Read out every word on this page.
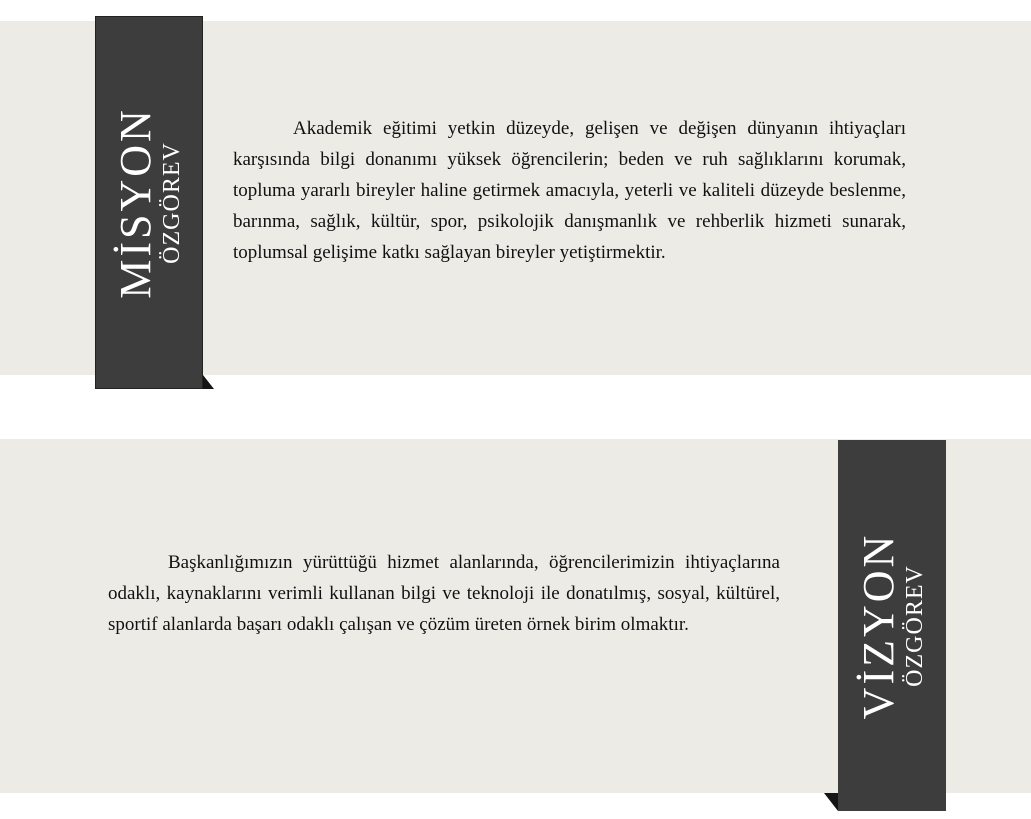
MİSYON ÖZGÖREV

Akademik eğitimi yetkin düzeyde, gelişen ve değişen dünyanın ihtiyaçları karşısında bilgi donanımı yüksek öğrencilerin; beden ve ruh sağlıklarını korumak, topluma yararlı bireyler haline getirmek amacıyla, yeterli ve kaliteli düzeyde beslenme, barınma, sağlık, kültür, spor, psikolojik danışmanlık ve rehberlik hizmeti sunarak, toplumsal gelişime katkı sağlayan bireyler yetiştirmektir.

VİZYON ÖZGÖREV

Başkanlığımızın yürüttüğü hizmet alanlarında, öğrencilerimizin ihtiyaçlarına odaklı, kaynaklarını verimli kullanan bilgi ve teknoloji ile donatılmış, sosyal, kültürel, sportif alanlarda başarı odaklı çalışan ve çözüm üreten örnek birim olmaktır.
